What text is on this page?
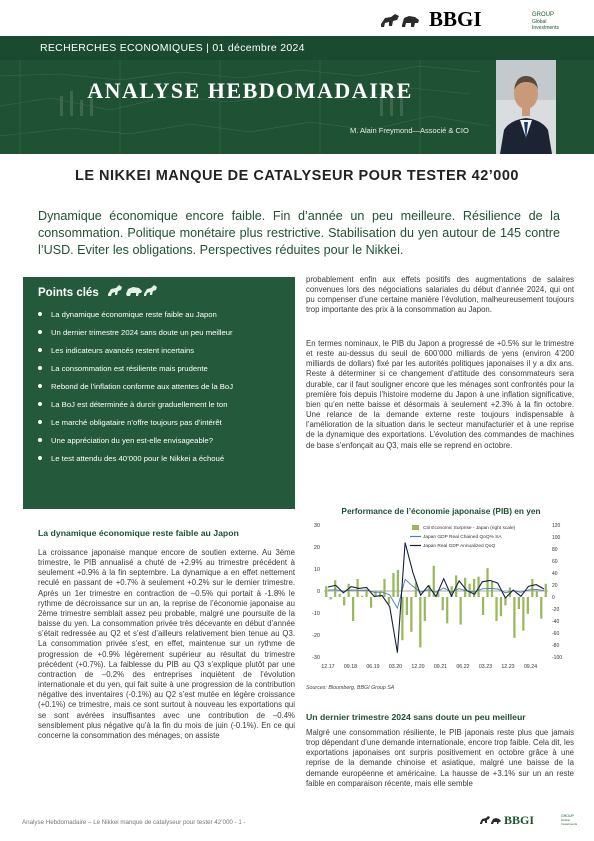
BBGI	GROUP
Global
Investments
RECHERCHES ECONOMIQUES | 01 décembre 2024
ANALYSE HEBDOMADAIRE
M. Alain Freymond—Associé & CIO
LE NIKKEI MANQUE DE CATALYSEUR POUR TESTER 42’000
Dynamique économique encore faible. Fin d’année un peu meilleure. Résilience de la consommation. Politique monétaire plus restrictive. Stabilisation du yen autour de 145 contre l’USD. Eviter les obligations. Perspectives réduites pour le Nikkei.
Points clés
La dynamique économique reste faible au Japon
Un dernier trimestre 2024 sans doute un peu meilleur
Les indicateurs avancés restent incertains
La consommation est résiliente mais prudente
Rebond de l’inflation conforme aux attentes de la BoJ
La BoJ est déterminée à durcir graduellement le ton
Le marché obligataire n’offre toujours pas d’intérêt
Une appréciation du yen est-elle envisageable?
Le test attendu des 40’000 pour le Nikkei a échoué
La dynamique économique reste faible au Japon
La croissance japonaise manque encore de soutien externe. Au 3ème trimestre, le PIB annualisé a chuté de +2.9% au trimestre précédent à seulement +0.9% à la fin septembre. La dynamique a en effet nettement reculé en passant de +0.7% à seulement +0.2% sur le dernier trimestre. Après un 1er trimestre en contraction de –0.5% qui portait à -1.8% le rythme de décroissance sur un an, la reprise de l’économie japonaise au 2ème trimestre semblait assez peu probable, malgré une poursuite de la baisse du yen. La consommation privée très décevante en début d’année s’était redressée au Q2 et s’est d’ailleurs relativement bien tenue au Q3. La consommation privée s’est, en effet, maintenue sur un rythme de progression de +0.9% légèrement supérieur au résultat du trimestre précédent (+0.7%). La faiblesse du PIB au Q3 s’explique plutôt par une contraction de –0.2% des entreprises inquiètent de l’évolution internationale et du yen, qui fait suite à une progression de la contribution négative des inventaires (-0.1%) au Q2 s’est mutée en légère croissance (+0.1%) ce trimestre, mais ce sont surtout à nouveau les exportations qui se sont avérées insuffisantes avec une contribution de –0.4% sensiblement plus négative qu’à la fin du mois de juin (-0.1%). En ce qui concerne la consommation des ménages, on assiste
probablement enfin aux effets positifs des augmentations de salaires convenues lors des négociations salariales du début d’année 2024, qui ont pu compenser d’une certaine manière l’évolution, malheureusement toujours trop importante des prix à la consommation au Japon.
En termes nominaux, le PIB du Japon a progressé de +0.5% sur le trimestre et reste au-dessus du seuil de 600’000 milliards de yens (environ 4’200 milliards de dollars) fixé par les autorités politiques japonaises il y a dix ans. Reste à déterminer si ce changement d’attitude des consommateurs sera durable, car il faut souligner encore que les ménages sont confrontés pour la première fois depuis l’histoire moderne du Japon à une inflation significative, bien qu’en nette baisse et désormais à seulement +2.3% à la fin octobre. Une relance de la demande externe reste toujours indispensable à l’amélioration de la situation dans le secteur manufacturier et à une reprise de la dynamique des exportations. L’évolution des commandes de machines de base s’enfonçait au Q3, mais elle se reprend en octobre.
Performance de l’économie japonaise (PIB) en yen
30
20
10
0
-10
-20
-30
120
100
80
60
40
20
0
-20
-40
-60
-80
-100
12.17 09.18 06.19 03.20 12.20 09.21 06.22 03.23 12.23 09.24
Citi Economic Surprise - Japan (right scale)
Japan GDP Real Chained QoQ% SA
Japan Real GDP Annualized QoQ
Sources: Bloomberg, BBGI Group SA
Un dernier trimestre 2024 sans doute un peu meilleur
Malgré une consommation résiliente, le PIB japonais reste plus que jamais trop dépendant d’une demande internationale, encore trop faible. Cela dit, les exportations japonaises ont surpris positivement en octobre grâce à une reprise de la demande chinoise et asiatique, malgré une baisse de la demande européenne et américaine. La hausse de +3.1% sur un an reste faible en comparaison récente, mais elle semble
Analyse Hebdomadaire – Le Nikkei manque de catalyseur pour tester 42’000 - 1 -	BBGI	GROUP
Global
Investments
